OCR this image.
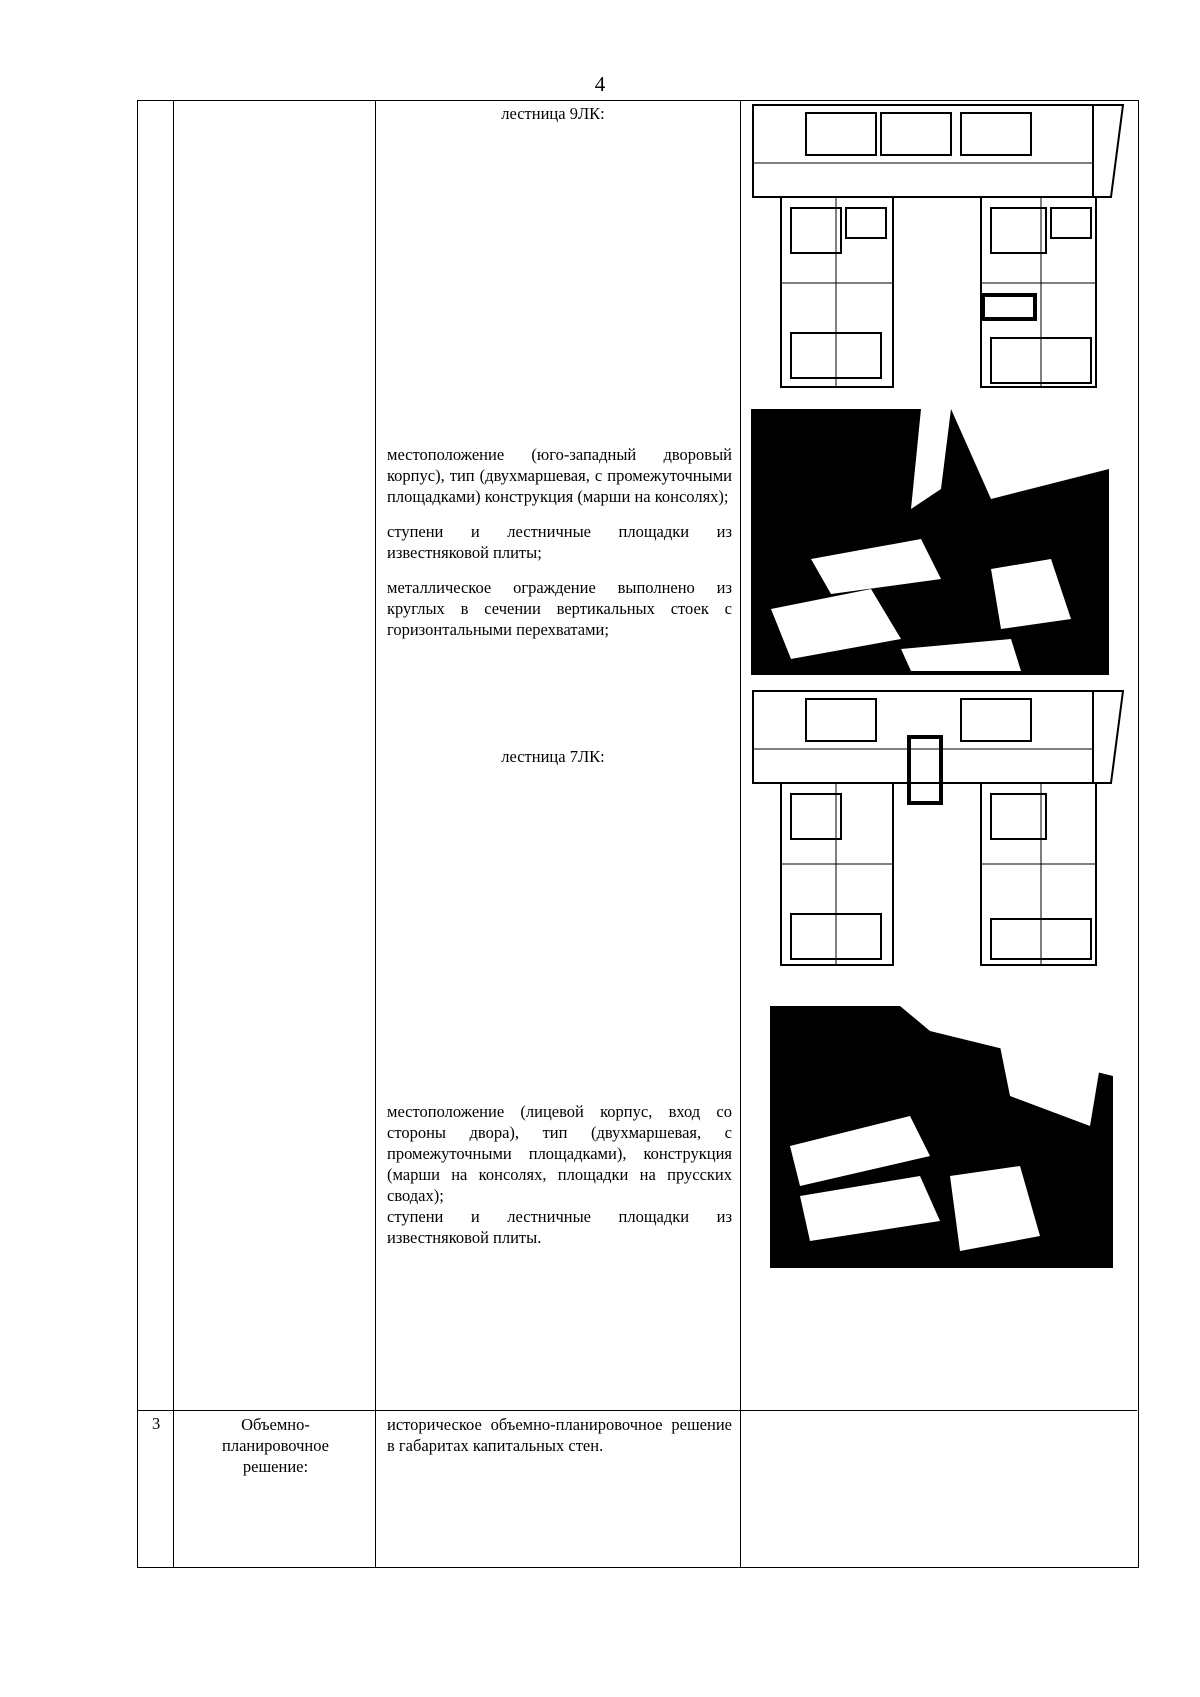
4
лестница 9ЛК:

местоположение (юго-западный дворовый корпус), тип (двухмаршевая, с промежуточными площадками) конструкция (марши на консолях);

ступени и лестничные площадки из известняковой плиты;

металлическое ограждение выполнено из круглых в сечении вертикальных стоек с горизонтальными перехватами;

лестница 7ЛК:

местоположение (лицевой корпус, вход со стороны двора), тип (двухмаршевая, с промежуточными площадками), конструкция (марши на консолях, площадки на прусских сводах);

ступени и лестничные площадки из известняковой плиты.

3	Объемно-планировочное решение:
историческое объемно-планировочное решение в габаритах капитальных стен.
